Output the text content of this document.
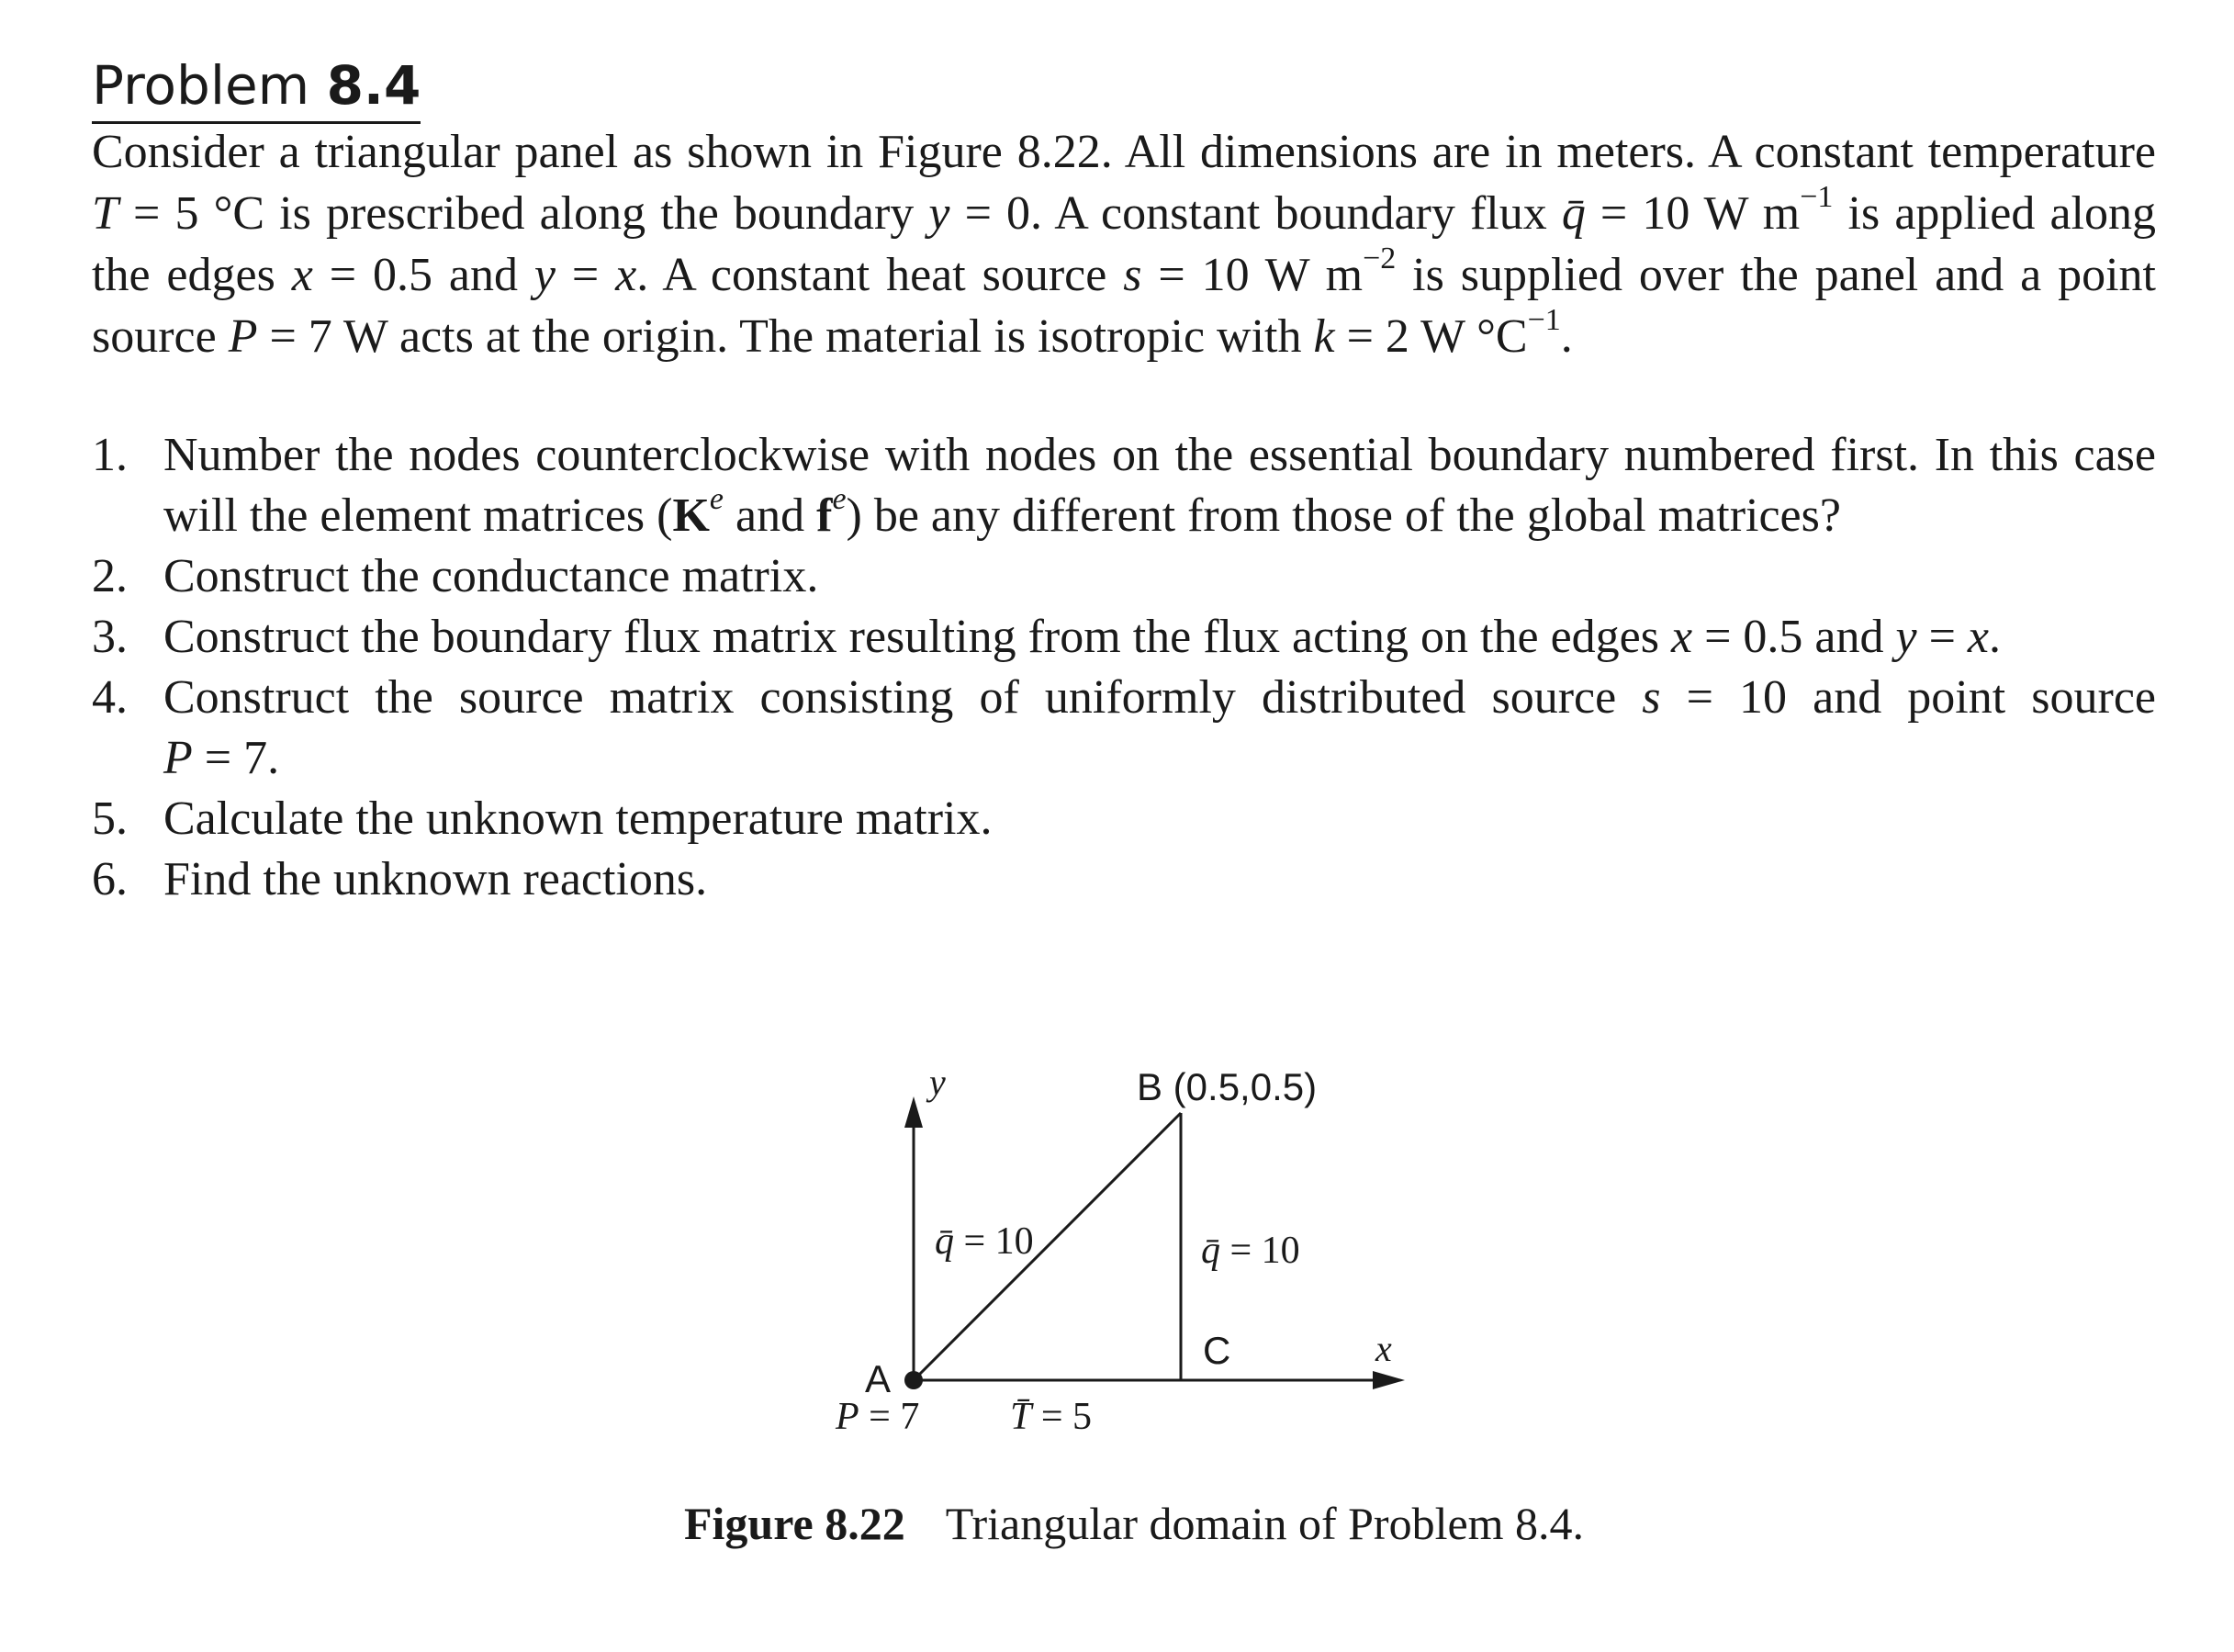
Problem 8.4
Consider a triangular panel as shown in Figure 8.22. All dimensions are in meters. A constant temperature
T = 5 °C is prescribed along the boundary y = 0. A constant boundary flux q̄ = 10 W $m^{-1}$ is applied along
the edges x = 0.5 and y = x. A constant heat source s = 10 W $m^{-2}$ is supplied over the panel and a point
source P = 7 W acts at the origin. The material is isotropic with k = 2 W $^\circ C^{-1}$.
1. Number the nodes counterclockwise with nodes on the essential boundary numbered first. In this case
will the element matrices ($K^e$ and $f^e$) be any different from those of the global matrices?
2. Construct the conductance matrix.
3. Construct the boundary flux matrix resulting from the flux acting on the edges x = 0.5 and y = x.
4. Construct the source matrix consisting of uniformly distributed source s = 10 and point source
P = 7.
5. Calculate the unknown temperature matrix.
6. Find the unknown reactions.
y
x
B (0.5,0.5)
A
C
q̄ = 10	q̄ = 10
P = 7 T̄ = 5
Figure 8.22 Triangular domain of Problem 8.4.
